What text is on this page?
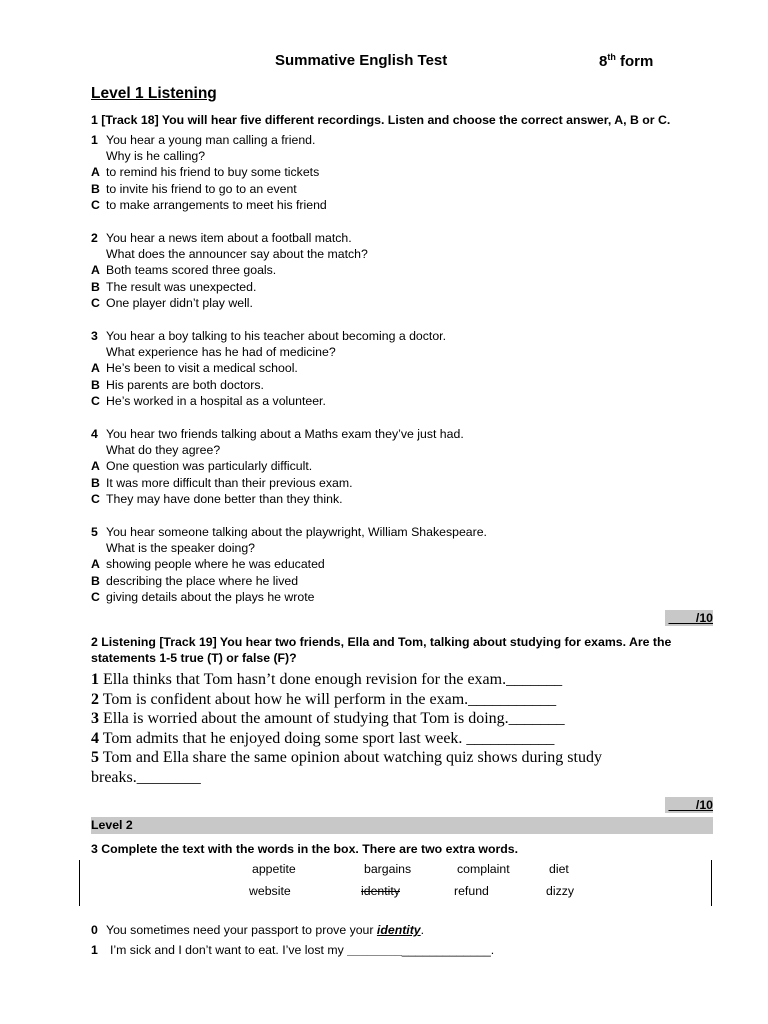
Summative English Test	8th form
Level 1 Listening
1 [Track 18] You will hear five different recordings. Listen and choose the correct answer, A, B or C.
1 You hear a young man calling a friend.
Why is he calling?
A to remind his friend to buy some tickets
B to invite his friend to go to an event
C to make arrangements to meet his friend
2 You hear a news item about a football match.
What does the announcer say about the match?
A Both teams scored three goals.
B The result was unexpected.
C One player didn’t play well.
3 You hear a boy talking to his teacher about becoming a doctor.
What experience has he had of medicine?
A He’s been to visit a medical school.
B His parents are both doctors.
C He’s worked in a hospital as a volunteer.
4 You hear two friends talking about a Maths exam they’ve just had.
What do they agree?
A One question was particularly difficult.
B It was more difficult than their previous exam.
C They may have done better than they think.
5 You hear someone talking about the playwright, William Shakespeare.
What is the speaker doing?
A showing people where he was educated
B describing the place where he lived
C giving details about the plays he wrote
____/10
2 Listening [Track 19] You hear two friends, Ella and Tom, talking about studying for exams. Are the
statements 1-5 true (T) or false (F)?
1 Ella thinks that Tom hasn’t done enough revision for the exam._______
2 Tom is confident about how he will perform in the exam.___________
3 Ella is worried about the amount of studying that Tom is doing._______
4 Tom admits that he enjoyed doing some sport last week. ___________
5 Tom and Ella share the same opinion about watching quiz shows during study
breaks.________
____/10
Level 2
3 Complete the text with the words in the box. There are two extra words.
appetite	bargains	complaint	diet
website	identity	refund	dizzy
0 You sometimes need your passport to prove your identity.
1 I’m sick and I don’t want to eat. I’ve lost my _____________________.
